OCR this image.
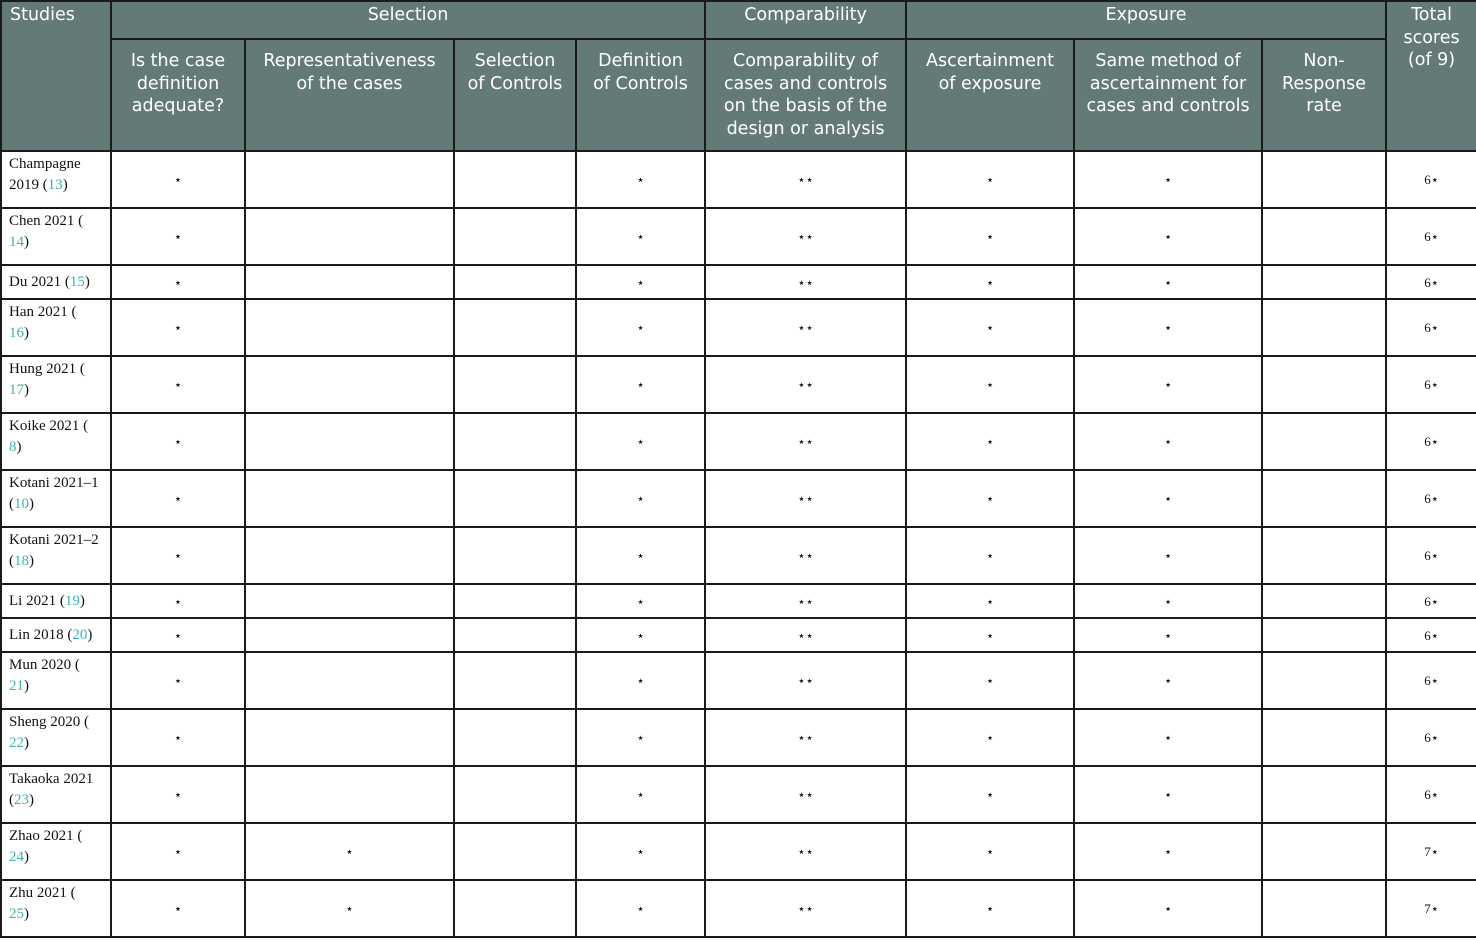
Studies	Selection				Comparability	Exposure			Total scores (of 9)

	Is the case definition adequate?	Representativeness of the cases	Selection of Controls	Definition of Controls	Comparability of cases and controls on the basis of the design or analysis	Ascertainment of exposure	Same method of ascertainment for cases and controls	Non-Response rate	

Champagne 2019 (13)	⋆			⋆	⋆⋆	⋆	⋆		6⋆
Chen 2021 (
14)	⋆			⋆	⋆⋆	⋆	⋆		6⋆
Du 2021 (15)	⋆			⋆	⋆⋆	⋆	⋆		6⋆
Han 2021 (
16)	⋆			⋆	⋆⋆	⋆	⋆		6⋆
Hung 2021 (
17)	⋆			⋆	⋆⋆	⋆	⋆		6⋆
Koike 2021 (
8)	⋆			⋆	⋆⋆	⋆	⋆		6⋆
Kotani 2021–1 (10)	⋆			⋆	⋆⋆	⋆	⋆		6⋆
Kotani 2021–2 (18)	⋆			⋆	⋆⋆	⋆	⋆		6⋆
Li 2021 (19)	⋆			⋆	⋆⋆	⋆	⋆		6⋆
Lin 2018 (20)	⋆			⋆	⋆⋆	⋆	⋆		6⋆
Mun 2020 (
21)	⋆			⋆	⋆⋆	⋆	⋆		6⋆
Sheng 2020 (
22)	⋆			⋆	⋆⋆	⋆	⋆		6⋆
Takaoka 2021 (23)	⋆			⋆	⋆⋆	⋆	⋆		6⋆
Zhao 2021 (
24)	⋆	⋆		⋆	⋆⋆	⋆	⋆		7⋆
Zhu 2021 (
25)	⋆	⋆		⋆	⋆⋆	⋆	⋆		7⋆
